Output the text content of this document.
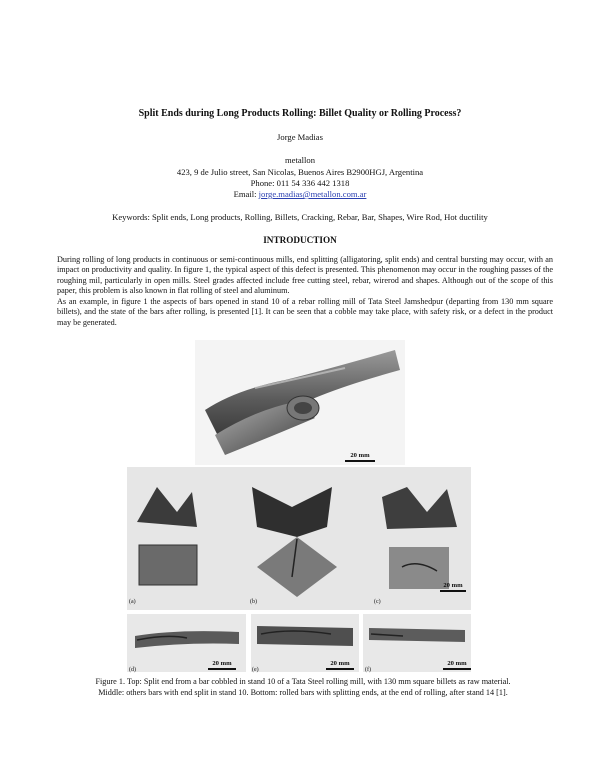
Split Ends during Long Products Rolling: Billet Quality or Rolling Process?
Jorge Madias
metallon
423, 9 de Julio street, San Nicolas, Buenos Aires B2900HGJ, Argentina
Phone: 011 54 336 442 1318
Email: jorge.madias@metallon.com.ar
Keywords: Split ends, Long products, Rolling, Billets, Cracking, Rebar, Bar, Shapes, Wire Rod, Hot ductility
INTRODUCTION
During rolling of long products in continuous or semi-continuous mills, end splitting (alligatoring, split ends) and central bursting may occur, with an impact on productivity and quality. In figure 1, the typical aspect of this defect is presented. This phenomenon may occur in the roughing passes of the roughing mil, particularly in open mills. Steel grades affected include free cutting steel, rebar, wirerod and shapes. Although out of the scope of this paper, this problem is also known in flat rolling of steel and aluminum.
As an example, in figure 1 the aspects of bars opened in stand 10 of a rebar rolling mill of Tata Steel Jamshedpur (departing from 130 mm square billets), and the state of the bars after rolling, is presented [1]. It can be seen that a cobble may take place, with safety risk, or a defect in the product may be generated.
20 mm
(a)	(b)	(c)
20 mm
(d)	(e)	(f)
20 mm	20 mm	20 mm
Figure 1. Top: Split end from a bar cobbled in stand 10 of a Tata Steel rolling mill, with 130 mm square billets as raw material.
Middle: others bars with end split in stand 10. Bottom: rolled bars with splitting ends, at the end of rolling, after stand 14 [1].
